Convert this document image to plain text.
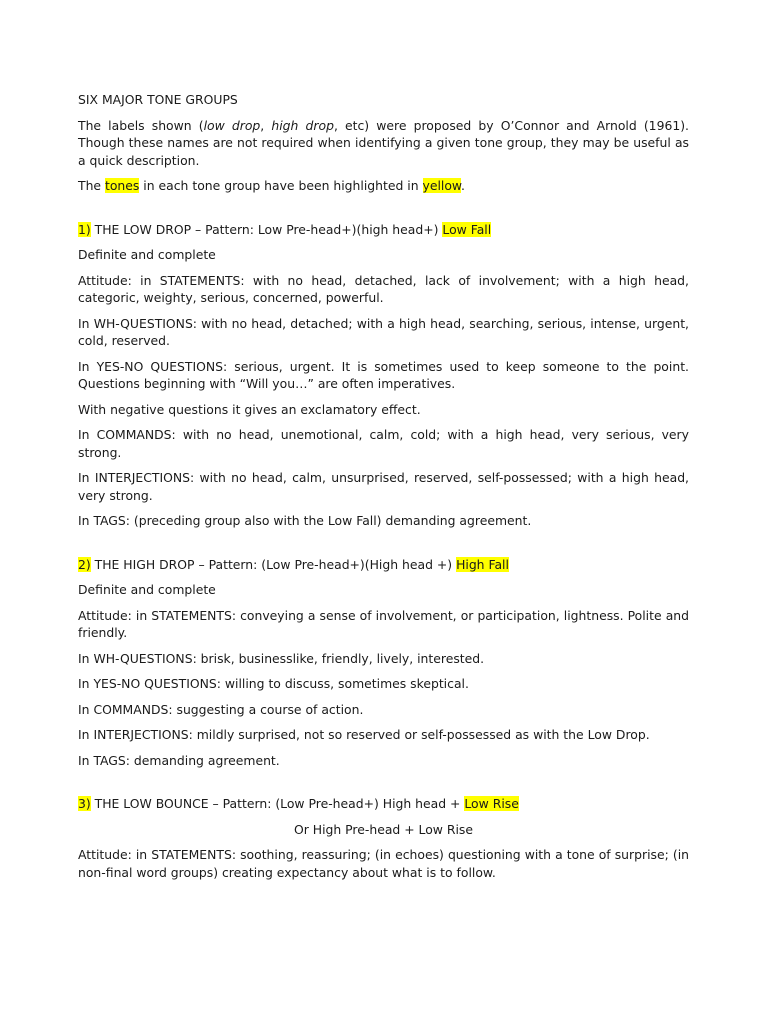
SIX MAJOR TONE GROUPS

The labels shown (low drop, high drop, etc) were proposed by O’Connor and Arnold (1961). Though these names are not required when identifying a given tone group, they may be useful as a quick description.

The tones in each tone group have been highlighted in yellow.

1) THE LOW DROP – Pattern: Low Pre-head+)(high head+) Low Fall

Definite and complete

Attitude: in STATEMENTS: with no head, detached, lack of involvement; with a high head, categoric, weighty, serious, concerned, powerful.

In WH-QUESTIONS: with no head, detached; with a high head, searching, serious, intense, urgent, cold, reserved.

In YES-NO QUESTIONS: serious, urgent. It is sometimes used to keep someone to the point. Questions beginning with “Will you…” are often imperatives.

With negative questions it gives an exclamatory effect.

In COMMANDS: with no head, unemotional, calm, cold; with a high head, very serious, very strong.

In INTERJECTIONS: with no head, calm, unsurprised, reserved, self-possessed; with a high head, very strong.

In TAGS: (preceding group also with the Low Fall) demanding agreement.

2) THE HIGH DROP – Pattern: (Low Pre-head+)(High head +) High Fall

Definite and complete

Attitude: in STATEMENTS: conveying a sense of involvement, or participation, lightness. Polite and friendly.

In WH-QUESTIONS: brisk, businesslike, friendly, lively, interested.

In YES-NO QUESTIONS: willing to discuss, sometimes skeptical.

In COMMANDS: suggesting a course of action.

In INTERJECTIONS: mildly surprised, not so reserved or self-possessed as with the Low Drop.

In TAGS: demanding agreement.

3) THE LOW BOUNCE – Pattern: (Low Pre-head+) High head + Low Rise

Or High Pre-head + Low Rise

Attitude: in STATEMENTS: soothing, reassuring; (in echoes) questioning with a tone of surprise; (in non-final word groups) creating expectancy about what is to follow.
